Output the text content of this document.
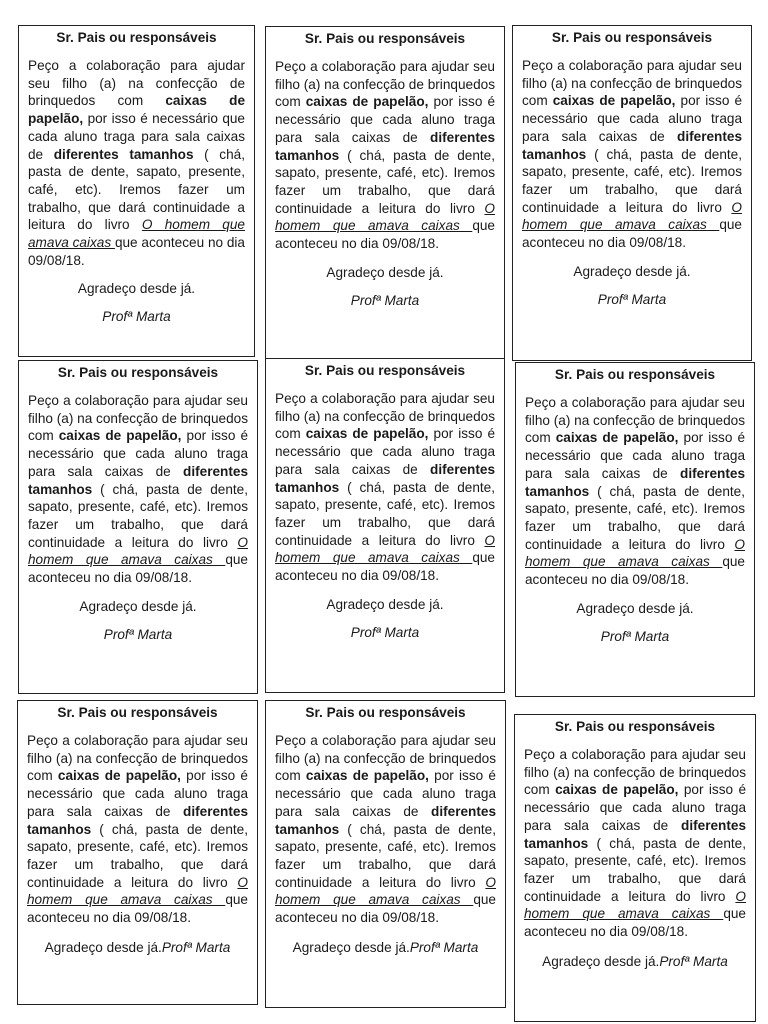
Sr. Pais ou responsáveis

Peço a colaboração para ajudar seu filho (a) na confecção de brinquedos com caixas de papelão, por isso é necessário que cada aluno traga para sala caixas de diferentes tamanhos ( chá, pasta de dente, sapato, presente, café, etc). Iremos fazer um trabalho, que dará continuidade a leitura do livro O homem que amava caixas que aconteceu no dia 09/08/18.

Agradeço desde já.

Profª Marta

Sr. Pais ou responsáveis

Peço a colaboração para ajudar seu filho (a) na confecção de brinquedos com caixas de papelão, por isso é necessário que cada aluno traga para sala caixas de diferentes tamanhos ( chá, pasta de dente, sapato, presente, café, etc). Iremos fazer um trabalho, que dará continuidade a leitura do livro O homem que amava caixas que aconteceu no dia 09/08/18.

Agradeço desde já.

Profª Marta

Sr. Pais ou responsáveis

Peço a colaboração para ajudar seu filho (a) na confecção de brinquedos com caixas de papelão, por isso é necessário que cada aluno traga para sala caixas de diferentes tamanhos ( chá, pasta de dente, sapato, presente, café, etc). Iremos fazer um trabalho, que dará continuidade a leitura do livro O homem que amava caixas que aconteceu no dia 09/08/18.

Agradeço desde já.

Profª Marta

Sr. Pais ou responsáveis

Peço a colaboração para ajudar seu filho (a) na confecção de brinquedos com caixas de papelão, por isso é necessário que cada aluno traga para sala caixas de diferentes tamanhos ( chá, pasta de dente, sapato, presente, café, etc). Iremos fazer um trabalho, que dará continuidade a leitura do livro O homem que amava caixas que aconteceu no dia 09/08/18.

Agradeço desde já.

Profª Marta

Sr. Pais ou responsáveis

Peço a colaboração para ajudar seu filho (a) na confecção de brinquedos com caixas de papelão, por isso é necessário que cada aluno traga para sala caixas de diferentes tamanhos ( chá, pasta de dente, sapato, presente, café, etc). Iremos fazer um trabalho, que dará continuidade a leitura do livro O homem que amava caixas que aconteceu no dia 09/08/18.

Agradeço desde já.

Profª Marta

Sr. Pais ou responsáveis

Peço a colaboração para ajudar seu filho (a) na confecção de brinquedos com caixas de papelão, por isso é necessário que cada aluno traga para sala caixas de diferentes tamanhos ( chá, pasta de dente, sapato, presente, café, etc). Iremos fazer um trabalho, que dará continuidade a leitura do livro O homem que amava caixas que aconteceu no dia 09/08/18.

Agradeço desde já.

Profª Marta

Sr. Pais ou responsáveis

Peço a colaboração para ajudar seu filho (a) na confecção de brinquedos com caixas de papelão, por isso é necessário que cada aluno traga para sala caixas de diferentes tamanhos ( chá, pasta de dente, sapato, presente, café, etc). Iremos fazer um trabalho, que dará continuidade a leitura do livro O homem que amava caixas que aconteceu no dia 09/08/18.

Agradeço desde já.Profª Marta

Sr. Pais ou responsáveis

Peço a colaboração para ajudar seu filho (a) na confecção de brinquedos com caixas de papelão, por isso é necessário que cada aluno traga para sala caixas de diferentes tamanhos ( chá, pasta de dente, sapato, presente, café, etc). Iremos fazer um trabalho, que dará continuidade a leitura do livro O homem que amava caixas que aconteceu no dia 09/08/18.

Agradeço desde já.Profª Marta

Sr. Pais ou responsáveis

Peço a colaboração para ajudar seu filho (a) na confecção de brinquedos com caixas de papelão, por isso é necessário que cada aluno traga para sala caixas de diferentes tamanhos ( chá, pasta de dente, sapato, presente, café, etc). Iremos fazer um trabalho, que dará continuidade a leitura do livro O homem que amava caixas que aconteceu no dia 09/08/18.

Agradeço desde já.Profª Marta
